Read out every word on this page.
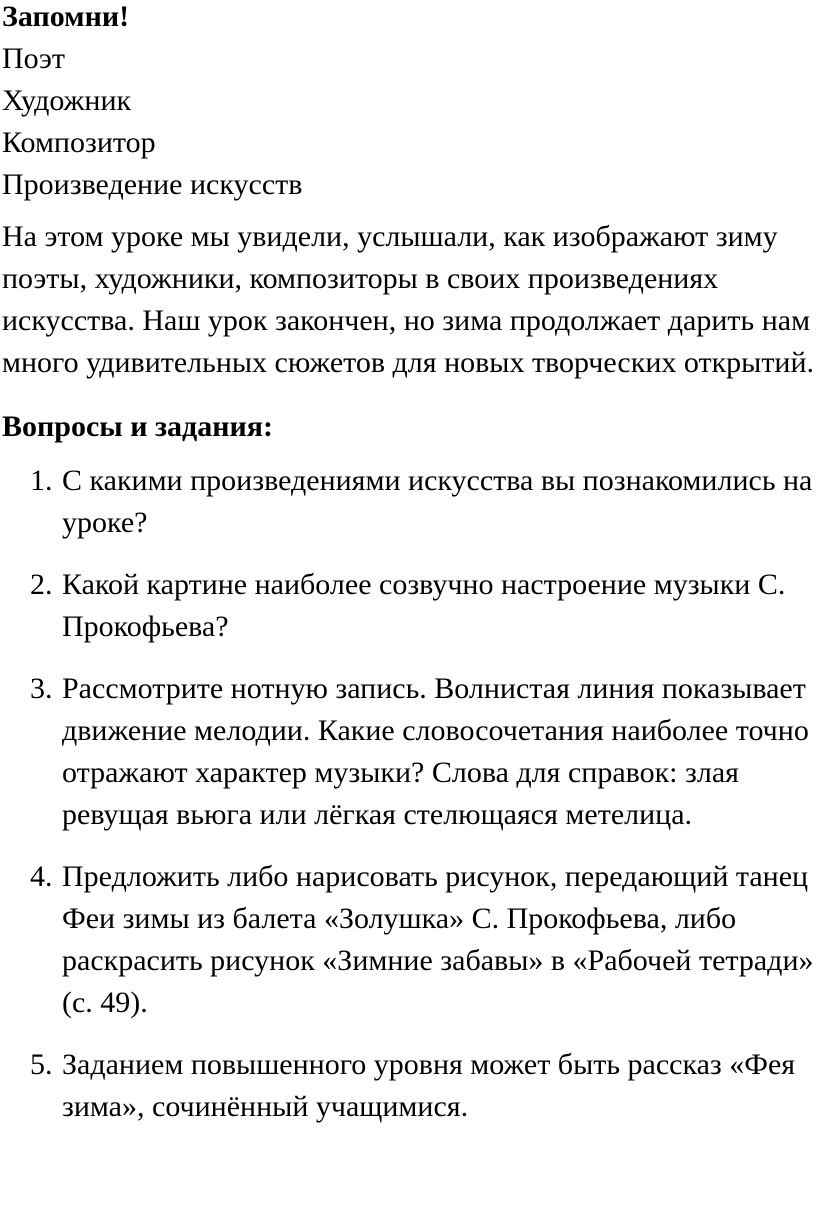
Запомни!

Поэт
Художник
Композитор
Произведение искусств

На этом уроке мы увидели, услышали, как изображают зиму поэты, художники, композиторы в своих произведениях искусства. Наш урок закончен, но зима продолжает дарить нам много удивительных сюжетов для новых творческих открытий.

Вопросы и задания:

1. С какими произведениями искусства вы познакомились на уроке?
2. Какой картине наиболее созвучно настроение музыки С. Прокофьева?
3. Рассмотрите нотную запись. Волнистая линия показывает движение мелодии. Какие словосочетания наиболее точно отражают характер музыки? Слова для справок: злая ревущая вьюга или лёгкая стелющаяся метелица.
4. Предложить либо нарисовать рисунок, передающий танец Феи зимы из балета «Золушка» С. Прокофьева, либо раскрасить рисунок «Зимние забавы» в «Рабочей тетради» (с. 49).
5. Заданием повышенного уровня может быть рассказ «Фея зима», сочинённый учащимися.
